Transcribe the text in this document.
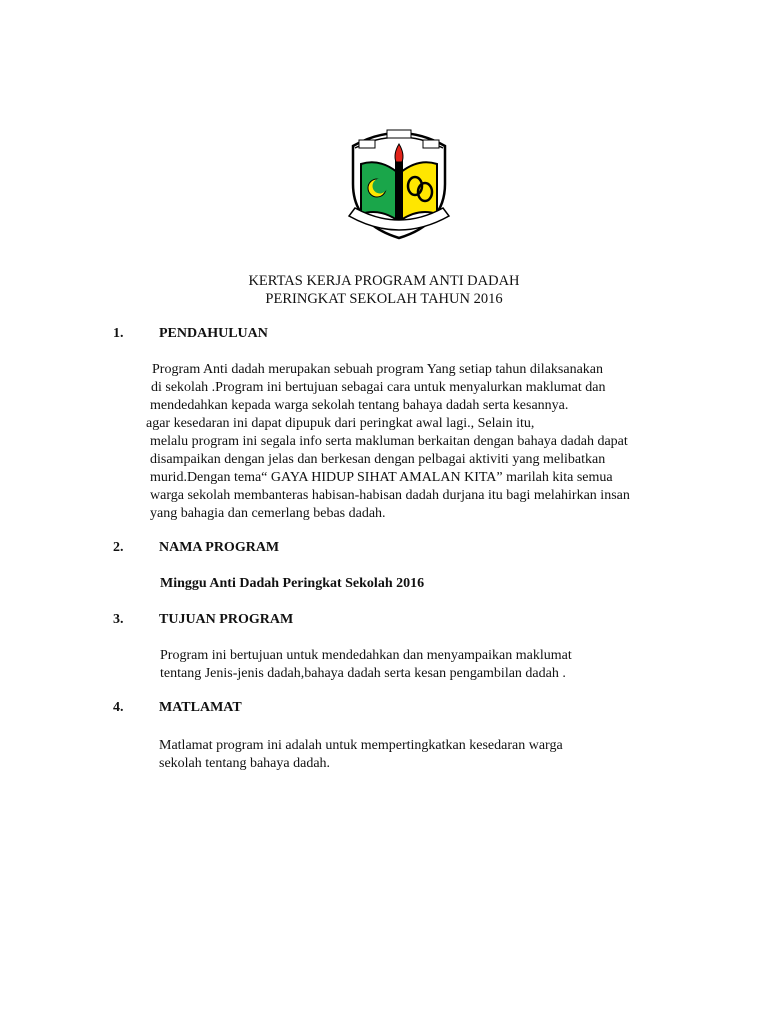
KERTAS KERJA PROGRAM ANTI DADAH
PERINGKAT SEKOLAH TAHUN 2016
1.	PENDAHULUAN
Program Anti dadah merupakan sebuah program Yang setiap tahun dilaksanakan
di sekolah .Program ini bertujuan sebagai cara untuk menyalurkan maklumat dan
mendedahkan kepada warga sekolah tentang bahaya dadah serta kesannya.
agar kesedaran ini dapat dipupuk dari peringkat awal lagi., Selain itu,
melalu program ini segala info serta makluman berkaitan dengan bahaya dadah dapat
disampaikan dengan jelas dan berkesan dengan pelbagai aktiviti yang melibatkan
murid.Dengan tema“ GAYA HIDUP SIHAT AMALAN KITA” marilah kita semua
warga sekolah membanteras habisan-habisan dadah durjana itu bagi melahirkan insan
yang bahagia dan cemerlang bebas dadah.
2.	NAMA PROGRAM
Minggu Anti Dadah Peringkat Sekolah 2016
3.	TUJUAN PROGRAM
Program ini bertujuan untuk mendedahkan dan menyampaikan maklumat
tentang Jenis-jenis dadah,bahaya dadah serta kesan pengambilan dadah .
4.	MATLAMAT
Matlamat program ini adalah untuk mempertingkatkan kesedaran warga
sekolah tentang bahaya dadah.
